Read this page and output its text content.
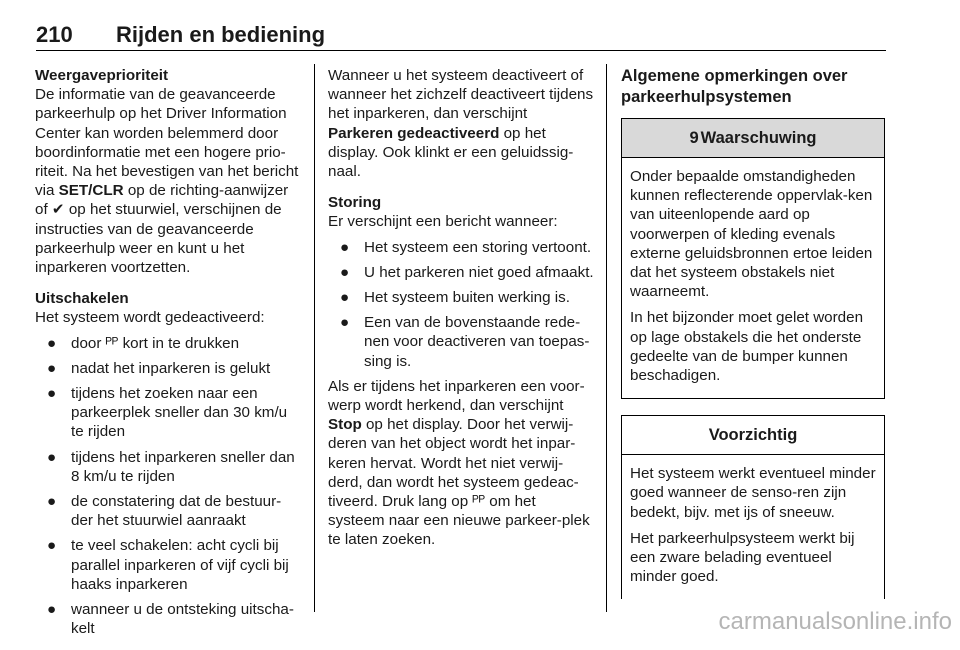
210 Rijden en bediening

Weergaveprioriteit
De informatie van de geavanceerde parkeerhulp op het Driver Information Center kan worden belemmerd door boordinformatie met een hogere prio-riteit. Na het bevestigen van het bericht via SET/CLR op de richting-aanwijzer of ✔ op het stuurwiel, verschijnen de instructies van de geavanceerde parkeerhulp weer en kunt u het inparkeren voortzetten.

Uitschakelen
Het systeem wordt gedeactiveerd:

● door ᴾᴾ kort in te drukken
● nadat het inparkeren is gelukt
● tijdens het zoeken naar een parkeerplek sneller dan 30 km/u te rijden
● tijdens het inparkeren sneller dan 8 km/u te rijden
● de constatering dat de bestuur-der het stuurwiel aanraakt
● te veel schakelen: acht cycli bij parallel inparkeren of vijf cycli bij haaks inparkeren
● wanneer u de ontsteking uitscha-kelt

Wanneer u het systeem deactiveert of wanneer het zichzelf deactiveert tijdens het inparkeren, dan verschijnt Parkeren gedeactiveerd op het display. Ook klinkt er een geluidssig-naal.

Storing
Er verschijnt een bericht wanneer:

● Het systeem een storing vertoont.
● U het parkeren niet goed afmaakt.
● Het systeem buiten werking is.
● Een van de bovenstaande rede-nen voor deactiveren van toepas-sing is.

Als er tijdens het inparkeren een voor-werp wordt herkend, dan verschijnt Stop op het display. Door het verwij-deren van het object wordt het inpar-keren hervat. Wordt het niet verwij-derd, dan wordt het systeem gedeac-tiveerd. Druk lang op ᴾᴾ om het systeem naar een nieuwe parkeer-plek te laten zoeken.

Algemene opmerkingen over parkeerhulpsystemen
9 Waarschuwing

Onder bepaalde omstandigheden kunnen reflecterende oppervlak-ken van uiteenlopende aard op voorwerpen of kleding evenals externe geluidsbronnen ertoe leiden dat het systeem obstakels niet waarneemt.

In het bijzonder moet gelet worden op lage obstakels die het onderste gedeelte van de bumper kunnen beschadigen.

Voorzichtig

Het systeem werkt eventueel minder goed wanneer de senso-ren zijn bedekt, bijv. met ijs of sneeuw.

Het parkeerhulpsysteem werkt bij een zware belading eventueel minder goed.

carmanualsonline.info
